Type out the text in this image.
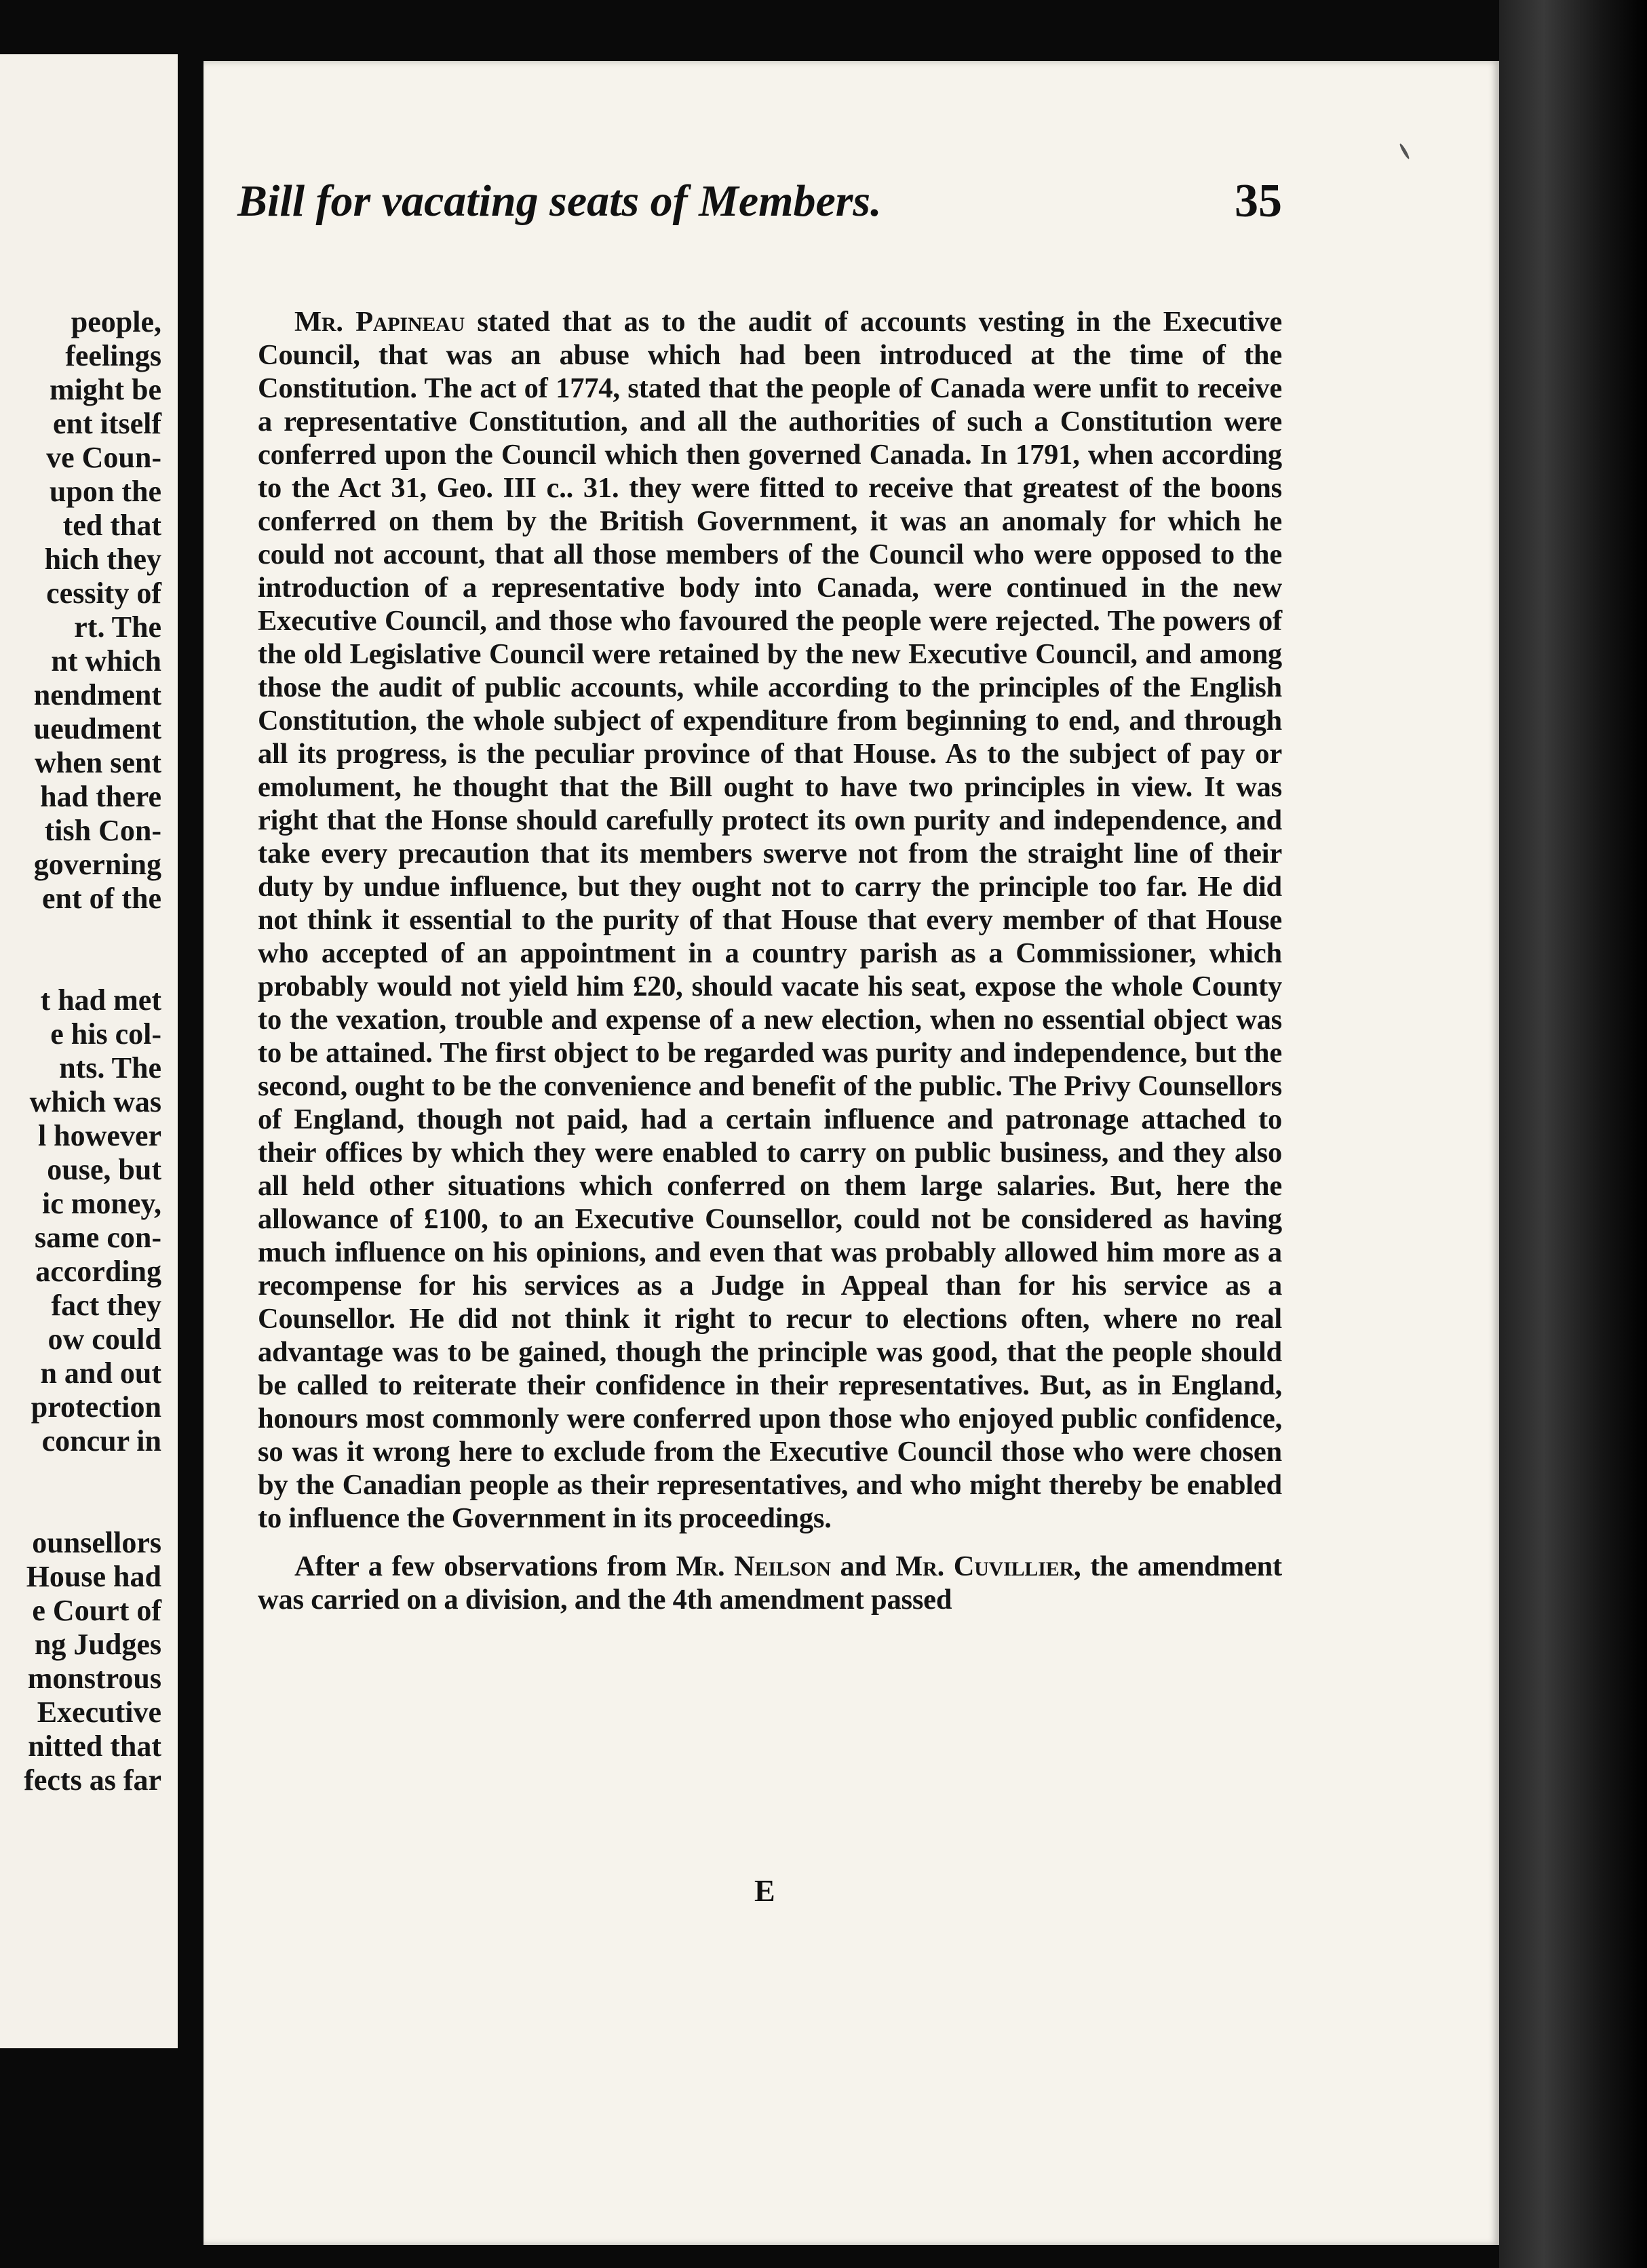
people,
feelings
might be
ent itself
ve Coun-
upon the
ted that
hich they
cessity of
rt. The
nt which
nendment
ueudment
when sent
had there
tish Con-
governing
ent of the

t had met
e his col-
nts. The
which was
l however
ouse, but
ic money,
same con-
according
fact they
ow could
n and out
protection
concur in

ounsellors
House had
e Court of
ng Judges
monstrous
Executive
nitted that
fects as far
Bill for vacating seats of Members.	35

Mr. Papineau stated that as to the audit of accounts vesting in the Executive Council, that was an abuse which had been introduced at the time of the Constitution. The act of 1774, stated that the people of Canada were unfit to receive a representative Constitution, and all the authorities of such a Constitution were conferred upon the Council which then governed Canada. In 1791, when according to the Act 31, Geo. III c.. 31. they were fitted to receive that greatest of the boons conferred on them by the British Government, it was an anomaly for which he could not account, that all those members of the Council who were opposed to the introduction of a representative body into Canada, were continued in the new Executive Council, and those who favoured the people were rejected. The powers of the old Legislative Council were retained by the new Executive Council, and among those the audit of public accounts, while according to the principles of the English Constitution, the whole subject of expenditure from beginning to end, and through all its progress, is the peculiar province of that House. As to the subject of pay or emolument, he thought that the Bill ought to have two principles in view. It was right that the Honse should carefully protect its own purity and independence, and take every precaution that its members swerve not from the straight line of their duty by undue influence, but they ought not to carry the principle too far. He did not think it essential to the purity of that House that every member of that House who accepted of an appointment in a country parish as a Commissioner, which probably would not yield him £20, should vacate his seat, expose the whole County to the vexation, trouble and expense of a new election, when no essential object was to be attained. The first object to be regarded was purity and independence, but the second, ought to be the convenience and benefit of the public. The Privy Counsellors of England, though not paid, had a certain influence and patronage attached to their offices by which they were enabled to carry on public business, and they also all held other situations which conferred on them large salaries. But, here the allowance of £100, to an Executive Counsellor, could not be considered as having much influence on his opinions, and even that was probably allowed him more as a recompense for his services as a Judge in Appeal than for his service as a Counsellor. He did not think it right to recur to elections often, where no real advantage was to be gained, though the principle was good, that the people should be called to reiterate their confidence in their representatives. But, as in England, honours most commonly were conferred upon those who enjoyed public confidence, so was it wrong here to exclude from the Executive Council those who were chosen by the Canadian people as their representatives, and who might thereby be enabled to influence the Government in its proceedings.

After a few observations from Mr. Neilson and Mr. Cuvillier, the amendment was carried on a division, and the 4th amendment passed

E
